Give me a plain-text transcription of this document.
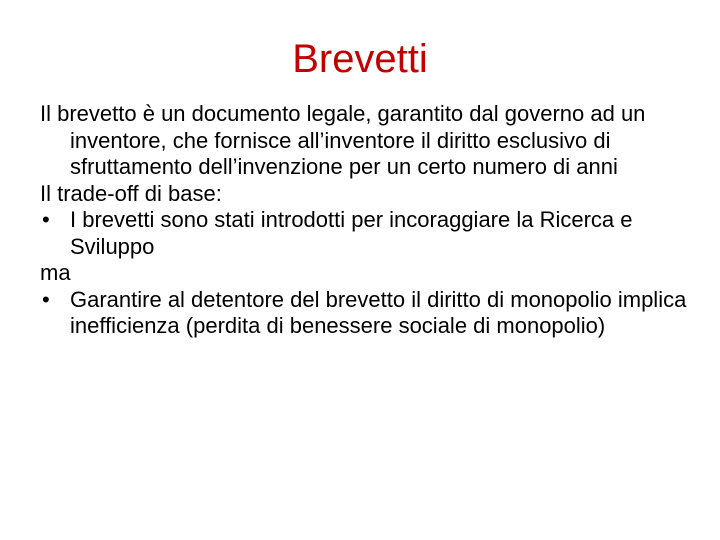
Brevetti

Il brevetto è un documento legale, garantito dal governo ad un inventore, che fornisce all’inventore il diritto esclusivo di sfruttamento dell’invenzione per un certo numero di anni

Il trade-off di base:

• I brevetti sono stati introdotti per incoraggiare la Ricerca e Sviluppo

ma

• Garantire al detentore del brevetto il diritto di monopolio implica inefficienza (perdita di benessere sociale di monopolio)
